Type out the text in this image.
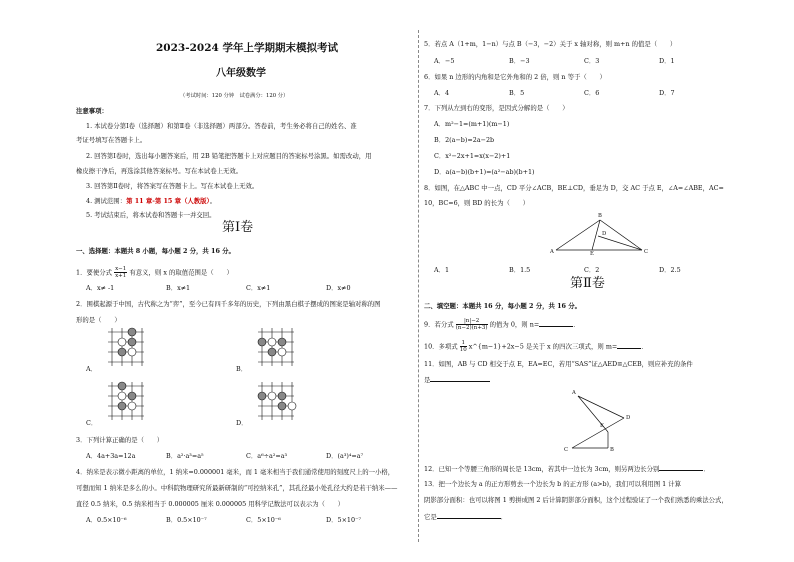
2023-2024 学年上学期期末模拟考试
八年级数学
（考试时间：120 分钟　试卷满分：120 分）
注意事项：
1. 本试卷分第Ⅰ卷（选择题）和第Ⅱ卷（非选择题）两部分。答卷前，考生务必将自己的姓名、准
考证号填写在答题卡上。
2. 回答第Ⅰ卷时，选出每小题答案后，用 2B 铅笔把答题卡上对应题目的答案标号涂黑。如需改动，用
橡皮擦干净后，再选涂其他答案标号。写在本试卷上无效。
3. 回答第Ⅱ卷时，将答案写在答题卡上。写在本试卷上无效。
4. 测试范围：第 11 章-第 15 章（人教版）。
5. 考试结束后，将本试卷和答题卡一并交回。
第Ⅰ卷
一、选择题：本题共 8 小题，每小题 2 分，共 16 分。
1．要使分式 $\frac{x-1}{x+1}$ 有意义，则 x 的取值范围是（　　）
A．x≠ -1	B．x≠1	C．x≠1	D．x≠0
2．围棋起源于中国，古代称之为“弈”，至今已有四千多年的历史，下列由黑白棋子摆成的图案是轴对称的图
形的是（　　）
A．	B．
C．	D．
3．下列计算正确的是（　　）
A．4a+3a=12a	B．a²·a³=a⁵	C．a⁶÷a²=a³	D．(a³)⁴=a⁷
4．纳米是表示微小距离的单位，1 纳米=0.000001 毫米，而 1 毫米相当于我们通常使用的刻度尺上的一小格，
可想而知 1 纳米是多么的小。中科院物理研究所最新研制的“可控纳米孔”，其孔径最小处孔径大约是若干纳米——
直径 0.5 纳米，0.5 纳米相当于 0.000005 厘米 0.000005 用科学记数法可以表示为（　　）
A．0.5×10⁻⁶	B．0.5×10⁻⁷	C．5×10⁻⁶	D．5×10⁻⁷
5．若点 A（1+m，1−n）与点 B（−3，−2）关于 x 轴对称，则 m+n 的值是（　　）
A．−5	B．−3	C．3	D．1
6．如果 n 边形的内角和是它外角和的 2 倍，则 n 等于（　　）
A．4	B．5	C．6	D．7
7．下列从左到右的变形，是因式分解的是（　　）
A．m²−1=(m+1)(m−1)
B．2(a−b)=2a−2b
C．x²−2x+1=x(x−2)+1
D．a(a−b)(b+1)=(a²−ab)(b+1)
8．如图，在△ABC 中一点，CD 平分∠ACB，BE⊥CD，垂足为 D，交 AC 于点 E，∠A=∠ABE，AC=
10，BC=6，则 BD 的长为（　　）
B
A	E	C
D
A．1	B．1.5	C．2	D．2.5
第Ⅱ卷
二、填空题：本题共 16 分，每小题 2 分，共 16 分。
9．若分式 $\frac{|n|-2}{(n-2)(n+3)}$ 的值为 0，则 n=	．
10．多项式 $\frac{1}{10}$ x^{m−1}+2x−5 是关于 x 的四次三项式，则 m=	．
11．如图，AB 与 CD 相交于点 E，EA=EC，若用“SAS”证△AED≌△CEB，则应补充的条件
是
A
D
E
C	B
12．已知一个等腰三角形的周长是 13cm，若其中一边长为 3cm，则另两边长分别	．
13．把一个边长为 a 的正方形剪去一个边长为 b 的正方形 (a>b)，我们可以利用图 1 计算
阴影部分面积：也可以将图 1 剪拼成图 2 后计算阴影部分面积，这个过程验证了一个我们熟悉的乘法公式，
它是	．
